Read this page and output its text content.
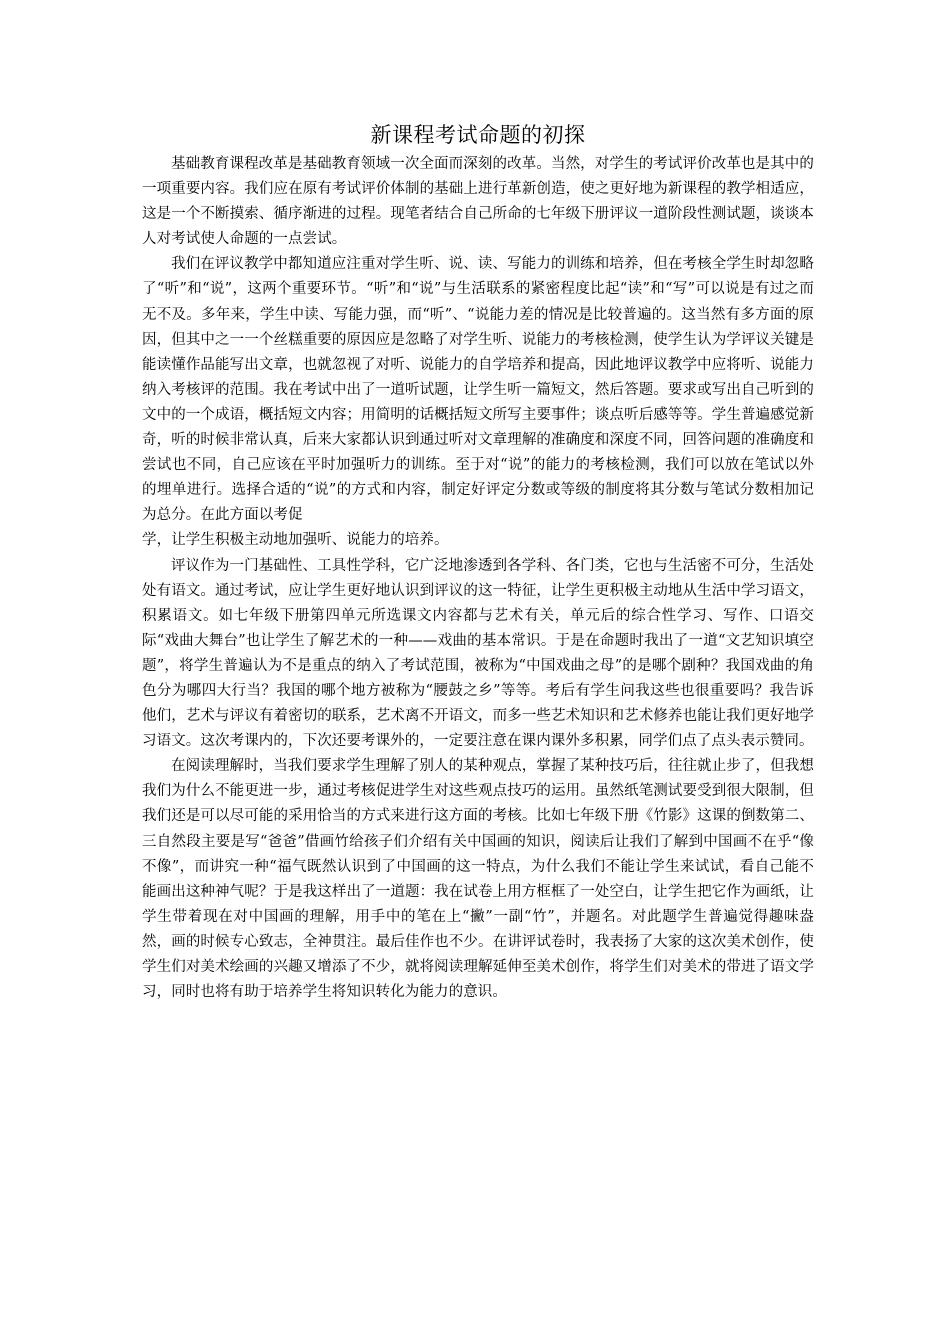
新课程考试命题的初探

基础教育课程改革是基础教育领域一次全面而深刻的改革。当然，对学生的考试评价改革也是其中的一项重要内容。我们应在原有考试评价体制的基础上进行革新创造，使之更好地为新课程的教学相适应，这是一个不断摸索、循序渐进的过程。现笔者结合自己所命的七年级下册评议一道阶段性测试题，谈谈本人对考试使人命题的一点尝试。

我们在评议教学中都知道应注重对学生听、说、读、写能力的训练和培养，但在考核全学生时却忽略了“听”和“说”，这两个重要环节。“听”和“说”与生活联系的紧密程度比起“读”和“写”可以说是有过之而无不及。多年来，学生中读、写能力强，而“听”、“说能力差的情况是比较普遍的。这当然有多方面的原因，但其中之一一个丝糕重要的原因应是忽略了对学生听、说能力的考核检测，使学生认为学评议关键是能读懂作品能写出文章，也就忽视了对听、说能力的自学培养和提高，因此地评议教学中应将听、说能力纳入考核评的范围。我在考试中出了一道听试题，让学生听一篇短文，然后答题。要求或写出自己听到的文中的一个成语，概括短文内容；用简明的话概括短文所写主要事件；谈点听后感等等。学生普遍感觉新奇，听的时候非常认真，后来大家都认识到通过听对文章理解的准确度和深度不同，回答问题的准确度和尝试也不同，自己应该在平时加强听力的训练。至于对“说”的能力的考核检测，我们可以放在笔试以外的埋单进行。选择合适的“说”的方式和内容，制定好评定分数或等级的制度将其分数与笔试分数相加记为总分。在此方面以考促

学，让学生积极主动地加强听、说能力的培养。

评议作为一门基础性、工具性学科，它广泛地渗透到各学科、各门类，它也与生活密不可分，生活处处有语文。通过考试，应让学生更好地认识到评议的这一特征，让学生更积极主动地从生活中学习语文，积累语文。如七年级下册第四单元所选课文内容都与艺术有关，单元后的综合性学习、写作、口语交际“戏曲大舞台”也让学生了解艺术的一种——戏曲的基本常识。于是在命题时我出了一道“文艺知识填空题”，将学生普遍认为不是重点的纳入了考试范围，被称为“中国戏曲之母”的是哪个剧种？我国戏曲的角色分为哪四大行当？我国的哪个地方被称为“腰鼓之乡”等等。考后有学生问我这些也很重要吗？我告诉他们，艺术与评议有着密切的联系，艺术离不开语文，而多一些艺术知识和艺术修养也能让我们更好地学习语文。这次考课内的，下次还要考课外的，一定要注意在课内课外多积累，同学们点了点头表示赞同。

在阅读理解时，当我们要求学生理解了别人的某种观点，掌握了某种技巧后，往往就止步了，但我想我们为什么不能更进一步，通过考核促进学生对这些观点技巧的运用。虽然纸笔测试要受到很大限制，但我们还是可以尽可能的采用恰当的方式来进行这方面的考核。比如七年级下册《竹影》这课的倒数第二、三自然段主要是写“爸爸”借画竹给孩子们介绍有关中国画的知识，阅读后让我们了解到中国画不在乎“像不像”，而讲究一种“福气既然认识到了中国画的这一特点，为什么我们不能让学生来试试，看自己能不能画出这种神气呢？于是我这样出了一道题：我在试卷上用方框框了一处空白，让学生把它作为画纸，让学生带着现在对中国画的理解，用手中的笔在上“撇”一副“竹”，并题名。对此题学生普遍觉得趣味盎然，画的时候专心致志，全神贯注。最后佳作也不少。在讲评试卷时，我表扬了大家的这次美术创作，使学生们对美术绘画的兴趣又增添了不少，就将阅读理解延伸至美术创作，将学生们对美术的带进了语文学习，同时也将有助于培养学生将知识转化为能力的意识。
